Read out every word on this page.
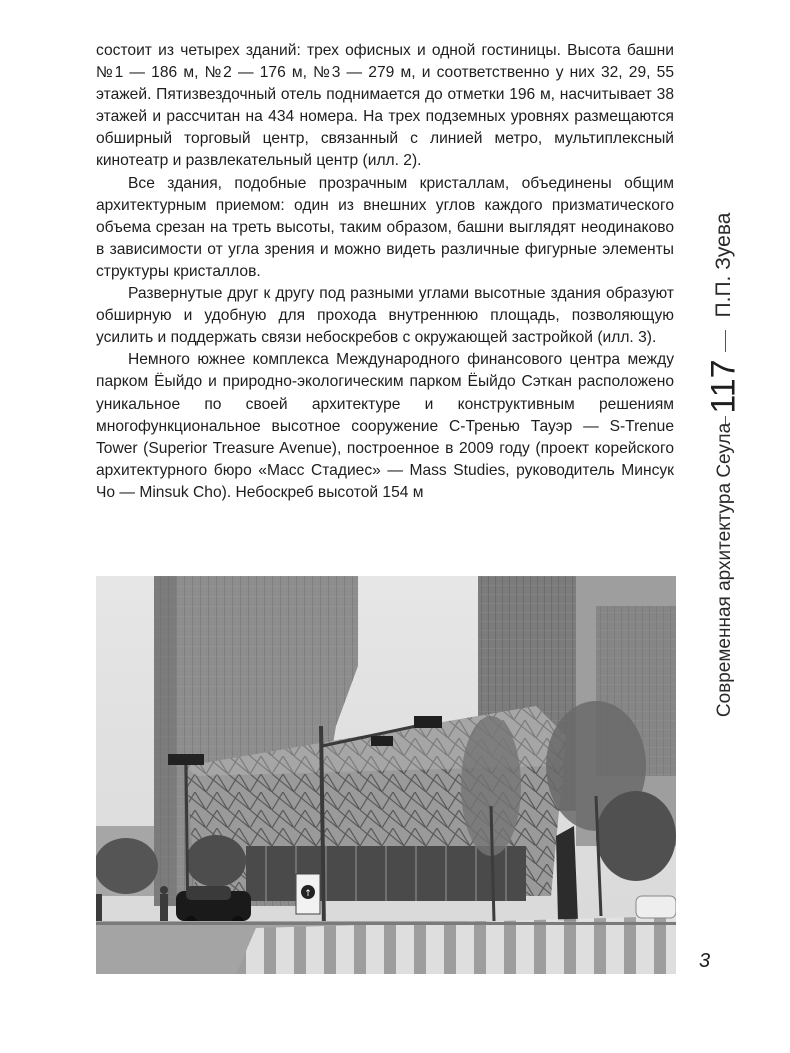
состоит из четырех зданий: трех офисных и одной гостиницы. Высота башни №1 — 186 м, №2 — 176 м, №3 — 279 м, и соответственно у них 32, 29, 55 этажей. Пятизвездочный отель поднимается до отметки 196 м, насчитывает 38 этажей и рассчитан на 434 номера. На трех подземных уровнях размещаются обширный торговый центр, связанный с линией метро, мультиплексный кинотеатр и развлекательный центр (илл. 2).

Все здания, подобные прозрачным кристаллам, объединены общим архитектурным приемом: один из внешних углов каждого призматического объема срезан на треть высоты, таким образом, башни выглядят неодинаково в зависимости от угла зрения и можно видеть различные фигурные элементы структуры кристаллов.

Развернутые друг к другу под разными углами высотные здания образуют обширную и удобную для прохода внутреннюю площадь, позволяющую усилить и поддержать связи небоскребов с окружающей застройкой (илл. 3).

Немного южнее комплекса Международного финансового центра между парком Ёыйдо и природно-экологическим парком Ёыйдо Сэткан расположено уникальное по своей архитектуре и конструктивным решениям многофункциональное высотное сооружение С-Тренью Тауэр — S-Trenue Tower (Superior Treasure Avenue), построенное в 2009 году (проект корейского архитектурного бюро «Масс Стадиес» — Mass Studies, руководитель Минсук Чо — Minsuk Cho). Небоскреб высотой 154 м

↑
П.П. Зуева
117
Современная архитектура Сеула
3
